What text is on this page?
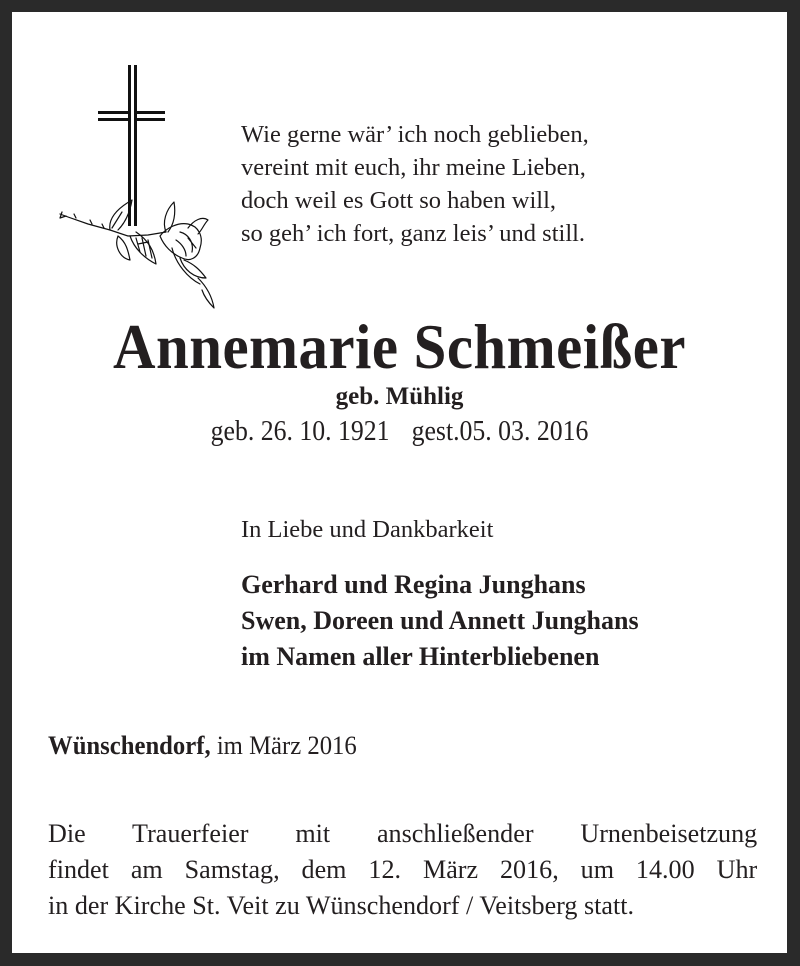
Wie gerne wär’ ich noch geblieben,
vereint mit euch, ihr meine Lieben,
doch weil es Gott so haben will,
so geh’ ich fort, ganz leis’ und still.
Annemarie Schmeißer
geb. Mühlig
geb. 26. 10. 1921 gest.05. 03. 2016
In Liebe und Dankbarkeit
Gerhard und Regina Junghans
Swen, Doreen und Annett Junghans
im Namen aller Hinterbliebenen
Wünschendorf, im März 2016
Die Trauerfeier mit anschließender Urnenbeisetzung
findet am Samstag, dem 12. März 2016, um 14.00 Uhr
in der Kirche St. Veit zu Wünschendorf / Veitsberg statt.
